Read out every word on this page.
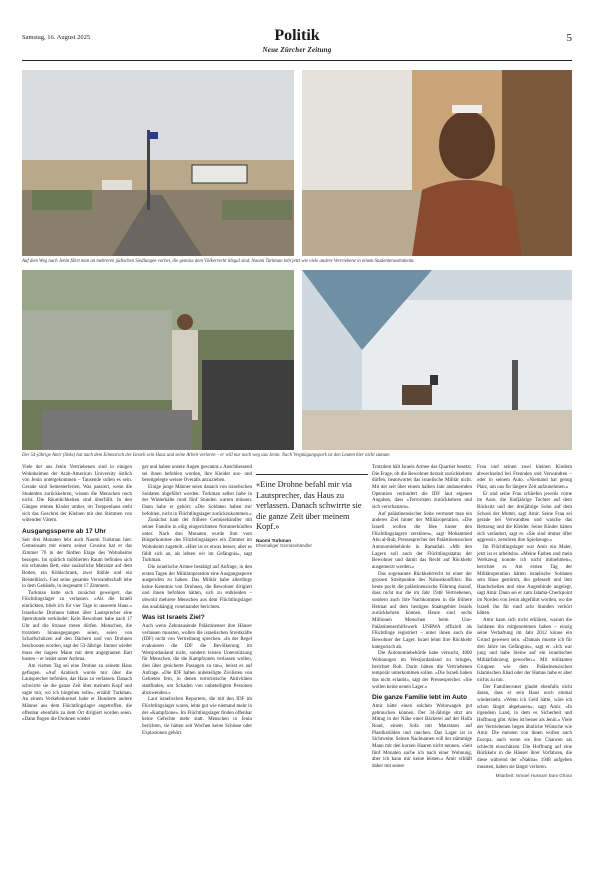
Samstag, 16. August 2025	Politik
Neue Zürcher Zeitung
5
Auf dem Weg nach Jenin fährt man an mehreren jüdischen Siedlungen vorbei, die gemäss dem Völkerrecht illegal sind. Naomi Turkman lebt jetzt wie viele andere Vertriebene in einem Studentenwohnheim.
Der 54-jährige Amir (links) hat nach dem Einmarsch der Israeli sein Haus und seine Arbeit verloren – er will nur noch weg aus Jenin. Nach Vergnügungspark ist den Leuten hier nicht zumute.

Viele der aus Jenin Vertriebenen sind in einigen Wohnheimen der Arab-American University östlich von Jenin untergekommen – Tausende sollen es sein. Gerade sind Semesterferien. Was passiert, wenn die Studenten zurückkehren, wissen die Menschen noch nicht. Die Räumlichkeiten sind überfüllt. In den Gängen rennen Kinder umher, im Treppenhaus steht sich das Geschrei der Kleinen mit den Stimmen von wütenden Vätern.

Ausgangssperre ab 17 Uhr

Seit drei Monaten lebt auch Naomi Turkman hier. Gemeinsam mit einem seiner Cousins hat er das Zimmer 76 in der fünften Etage des Wohnheims bezogen. Im spärlich möblierten Raum befinden sich ein schmales Bett, eine zusätzliche Matratze auf dem Boden, ein Kühlschrank, zwei Stühle und ein Beistelltisch. Fast seine gesamte Verwandtschaft lebe in dem Gebäude, in insgesamt 17 Zimmern.

Turkman hatte sich zunächst geweigert, das Flüchtlingslager zu verlassen. «Als die Israeli einrückten, blieb ich für vier Tage in unserem Haus.» Israelische Drohnen hätten über Lautsprecher eine Sperrstunde verkündet: Kein Bewohner habe nach 17 Uhr auf die Strasse treten dürfen. Menschen, die trotzdem hinausgegangen seien, seien von Scharfschützen auf den Dächern und von Drohnen beschossen worden, sagt der 53-Jährige. Immer wieder muss der hagere Mann mit dem angegrauten Bart husten – er leidet unter Asthma.

Am vierten Tag sei eine Drohne zu seinem Haus geflogen. «Auf Arabisch wurde mir über die Lautsprecher befohlen, das Haus zu verlassen. Danach schwirrte sie die ganze Zeit über meinem Kopf und sagte mir, wo ich hingehen solle», erzählt Turkman. An einem Verkehrskreisel habe er Hunderte andere Männer aus dem Flüchtlingslager angetroffen, die offenbar ebenfalls zu dem Ort dirigiert worden seien. «Dann flogen die Drohnen wieder

ger und haben unsere Augen gescannt.» Anschliessend sei ihnen befohlen worden, ihre Kleider aus- und bereitgelegte weisse Overalls anzuziehen.

Einige junge Männer seien danach von israelischen Soldaten abgeführt worden. Turkman selbst habe in der Winterkälte rund fünf Stunden warten müssen. Dann habe er gehört: «Die Soldaten haben mir befohlen, nicht in Flüchtlingslager zurückzukommen.»

Zunächst kam der frühere Gemüsehändler mit seiner Familie in eilig eingerichteten Notunterkünften unter. Nach drei Monaten wurde ihm vom Bürgerkomitee des Flüchtlingslagers ein Zimmer im Wohnheim zugeteilt. «Hier ist es etwas besser, aber es fühlt sich an, als lebten wir im Gefängnis», sagt Turkman.

Die israelische Armee bestätigt auf Anfrage, in den ersten Tagen der Militäroperation eine Ausgangssperre ausgerufen zu haben. Das Militär habe allerdings keine Kenntnis von Drohnen, die Bewohner dirigiert und ihnen befohlen hätten, sich zu entkleiden – obwohl mehrere Menschen aus dem Flüchtlingslager das unabhängig voneinander berichten.

Was ist Israels Ziel?

Auch wenn Zehntausende Palästinenser ihre Häuser verlassen mussten, wollen die israelischen Streitkräfte (IDF) nicht von Vertreibung sprechen. «In der Regel evakuieren die IDF die Bevölkerung im Westjordanland nicht, sondern leisten Unterstützung für Menschen, die die Kampfzonen verlassen wollen, dies über gesicherte Passagen zu tun», heisst es auf Anfrage. «Die IDF halten unbeteiligte Zivilisten von Gebieten fern, in denen terroristische Aktivitäten stattfinden, um Schaden von unbeteiligten Personen abzuwenden.»

Laut israelischen Reportern, die mit den IDF im Flüchtlingslager waren, lebte gut wie niemand mehr in der «Kampfzone». Im Flüchtlingslager finden offenbar keine Gefechte mehr statt. Menschen in Jenin berichten, sie hätten seit Wochen keine Schüsse oder Explosionen gehört.

«Eine Drohne befahl mir via Lautsprecher, das Haus zu verlassen. Danach schwirrte sie die ganze Zeit über meinem Kopf.»
Naomi Turkman
Ehemaliger Gemüsehändler

Trotzdem hält Israels Armee das Quartier besetzt. Die Frage, ob die Bewohner derzeit zurückkehren dürfen, beantwortet das israelische Militär nicht. Mit der seit über einem halben Jahr andauernden Operation verhindert die IDF laut eigenen Angaben, dass «Terroristen zurückkehren und sich verschanzen».

Auf palästinensischer Seite vermutet man ein anderes Ziel hinter der Militäroperation. «Die Israeli wollen die Idee hinter den Flüchtlingslagern zerstören», sagt Mohammed Abu al-Rub, Pressesprecher der Palästinensischen Autonomiebehörde in Ramallah. «Mit den Lagern soll auch der Flüchtlingsstatus der Bewohner und damit das Recht auf Rückkehr ausgemerzt werden.»

Das sogenannte Rückkehrrecht ist einer der grossen Streitpunkte des Nahostkonflikts: Bis heute pocht die palästinensische Führung darauf, dass nicht nur die im Jahr 1948 Vertriebenen, sondern auch ihre Nachkommen in die frühere Heimat auf dem heutigen Staatsgebiet Israels zurückkehren können. Heute sind sechs Millionen Menschen beim Uno-Palästinenserhilfswerk UNRWA offiziell als Flüchtlinge registriert – unter ihnen auch die Bewohner der Lager. Israel lehnt ihre Rückkehr kategorisch ab.

Die Autonomiebehörde habe versucht, 4000 Wohnungen im Westjordanland zu bringen, berichtet Rub. Darin hätten die Vertriebenen temporär unterkommen sollen. «Die Israeli haben das nicht erlaubt», sagt der Pressesprecher. «Sie wollen keine neuen Lager.»

Die ganze Familie lebt im Auto

Amir hätte einen solchen Wohnwagen gut gebrauchen können. Der 34-Jährige sitzt am Mittag in der Nähe einer Bäckerei auf der Haifa Road, einem Sofa mit Matratzen auf Plastikstühlen und rauchen. Das Lager ist in Sichtweite. Seinen Nachnamen will der stämmige Mann mit den kurzen Haaren nicht nennen. «Seit fünf Monaten suche ich nach einer Wohnung, aber ich kann mir keine leisten.» Amir schläft daher mit seiner

Frau und seinen zwei kleinen Kindern abwechselnd bei Freunden und Verwandten – oder in seinem Auto. «Niemand hat genug Platz, um uns für längere Zeit aufzunehmen.»

Er und seine Frau schliefen jeweils vorne im Auto, die fünfjährige Tochter auf dem Rücksitz und der dreijährige Sohn auf dem Schoss der Mutter, sagt Amir. Seine Frau sei gerade bei Verwandten und wasche das Bettzeug und die Kleider. Seine Kinder hätten sich verändert, sagt er. «Sie sind immer öfter aggressiv, zerstören ihre Spielzeuge.»

Im Flüchtlingslager war Amir ein Maler, jetzt ist er arbeitslos. «Meine Farben und mein Werkzeug konnte ich nicht mitnehmen», berichtet er. Am ersten Tag der Militäroperation hätten israelische Soldaten sein Haus gestürmt, ihn gefesselt und ihm Handschellen und eine Augenbinde angelegt, sagt Amir. Dann sei er zum Jalama-Checkpoint im Norden von Jenin abgeführt worden, wo die Israeli ihn für rund acht Stunden verhört hätten.

Amir kann sich nicht erklären, warum die Soldaten ihn mitgenommen haben – einzig seine Verhaftung im Jahr 2012 könne ein Grund gewesen sein. «Damals musste ich für drei Jahre ins Gefängnis», sagt er. «Ich war jung und habe Steine auf ein israelisches Militärfahrzeug geworfen.» Mit militanten Gruppen wie dem Palästinensischen Islamischen Jihad oder der Hamas habe er aber nichts zu tun.

Der Familienvater glaubt ebenfalls nicht daran, dass er sein Haus noch einmal wiedersieht. «Wenn ich Geld hätte, wäre ich schon längst abgehauen», sagt Amir. «In irgendein Land, in dem es Sicherheit und Hoffnung gibt. Alles ist besser als Jenin.» Viele der Vertriebenen hegen ähnliche Wünsche wie Amir. Die meisten von ihnen wollen nach Europa, auch wenn sie ihre Chancen als schlecht einschätzen. Die Hoffnung auf eine Rückkehr in die Häuser ihrer Vorfahren, die diese während der «Nakba» 1948 aufgeben mussten, haben sie längst verloren.

Mitarbeit: Ismael Hussam Bani Ghara
